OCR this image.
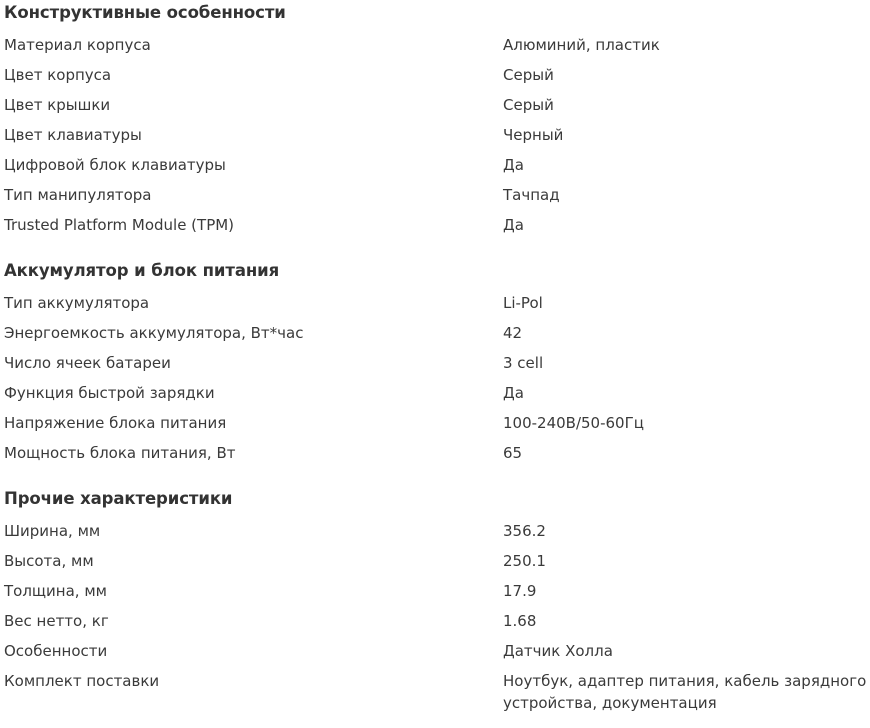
Конструктивные особенности
Материал корпуса	Алюминий, пластик
Цвет корпуса	Серый
Цвет крышки	Серый
Цвет клавиатуры	Черный
Цифровой блок клавиатуры	Да
Тип манипулятора	Тачпад
Trusted Platform Module (TPM)	Да
Аккумулятор и блок питания
Тип аккумулятора	Li-Pol
Энергоемкость аккумулятора, Вт*час	42
Число ячеек батареи	3 cell
Функция быстрой зарядки	Да
Напряжение блока питания	100-240В/50-60Гц
Мощность блока питания, Вт	65
Прочие характеристики
Ширина, мм	356.2
Высота, мм	250.1
Толщина, мм	17.9
Вес нетто, кг	1.68
Особенности	Датчик Холла
Комплект поставки	Ноутбук, адаптер питания, кабель зарядного устройства, документация
